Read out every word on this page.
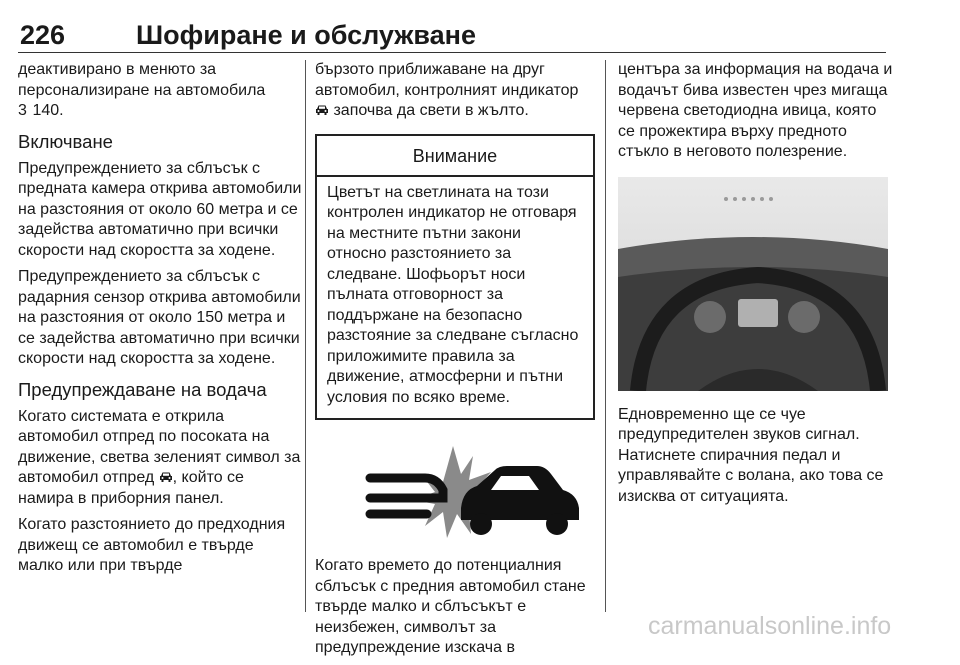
226	Шофиране и обслужване

деактивирано в менюто за персонализиране на автомобила
3 140.

Включване

Предупреждението за сблъсък с предната камера открива автомобили на разстояния от около 60 метра и се задейства автоматично при всички скорости над скоростта за ходене.

Предупреждението за сблъсък с радарния сензор открива автомобили на разстояния от около 150 метра и се задейства автоматично при всички скорости над скоростта за ходене.

Предупреждаване на водача

Когато системата е открила автомобил отпред по посоката на движение, светва зеленият символ за автомобил отпред , който се намира в приборния панел.

Когато разстоянието до предходния движещ се автомобил е твърде малко или при твърде

бързото приближаване на друг автомобил, контролният индикатор

започва да свети в жълто.

Внимание
Цветът на светлината на този контролен индикатор не отговаря на местните пътни закони относно разстоянието за следване. Шофьорът носи пълната отговорност за поддържане на безопасно разстояние за следване съгласно приложимите правила за движение, атмосферни и пътни условия по всяко време.

Когато времето до потенциалния сблъсък с предния автомобил стане твърде малко и сблъсъкът е неизбежен, символът за предупреждение изскача в

центъра за информация на водача и водачът бива известен чрез мигаща червена светодиодна ивица, която се прожектира върху предното стъкло в неговото полезрение.

Едновременно ще се чуе предупредителен звуков сигнал. Натиснете спирачния педал и управлявайте с волана, ако това се изисква от ситуацията.

carmanualsonline.info
